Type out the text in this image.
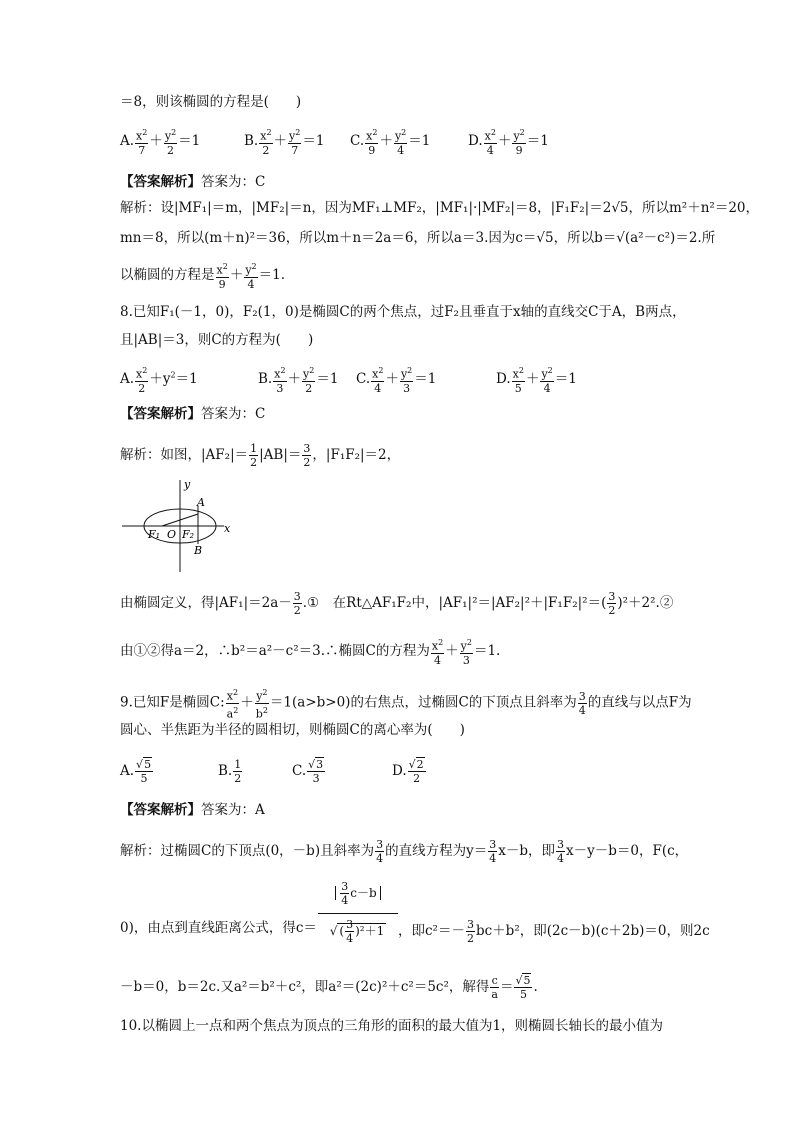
＝8，则该椭圆的方程是(　　)
A. $\frac{x^2}{7} + \frac{y^2}{2} =1$	B. $\frac{x^2}{2} + \frac{y^2}{7} =1$ C. $\frac{x^2}{9} + \frac{y^2}{4} =1$	D. $\frac{x^2}{4} + \frac{y^2}{9} =1$
【答案解析】答案为：C
解析：设|MF₁|＝m，|MF₂|＝n，因为MF₁⊥MF₂，|MF₁|·|MF₂|＝8，|F₁F₂|＝2√5，所以m²＋n²＝20，
mn＝8，所以(m＋n)²＝36，所以m＋n＝2a＝6，所以a＝3.因为c＝√5，所以b＝√(a²－c²)＝2.所
以椭圆的方程是 $\frac{x^2}{9} + \frac{y^2}{4} =1$.
8.已知F₁(－1，0)，F₂(1，0)是椭圆C的两个焦点，过F₂且垂直于x轴的直线交C于A，B两点，
且|AB|＝3，则C的方程为(　　)
A. $\frac{x^2}{2} +y^2=1$	B. $\frac{x^2}{3} + \frac{y^2}{2} =1$ C. $\frac{x^2}{4} + \frac{y^2}{3} =1$	D. $\frac{x^2}{5} + \frac{y^2}{4} =1$
【答案解析】答案为：C
解析：如图，$|AF_2|= \frac{1}{2} |AB|= \frac{3}{2}$ ，|F₁F₂|＝2，
y
A
F₁ O F₂	x
B
由椭圆定义，得$|AF_1|=2a- \frac{3}{2}$ .①　在Rt△AF₁F₂中，$|AF_1|^2=|AF_2|^2+|F_1F_2|^2=( \frac{3}{2}$ )²＋2².②
由①②得a＝2，∴b²＝a²－c²＝3.∴椭圆C的方程为 $\frac{x^2}{4} + \frac{y^2}{3} =1$.
9.已知F是椭圆C: $\frac{x^2}{a^2} + \frac{y^2}{b^2} =1(a>b>0)$的右焦点，过椭圆C的下顶点且斜率为 $\frac{3}{4}$ 的直线与以点F为
圆心、半焦距为半径的圆相切，则椭圆C的离心率为(　　)
A. $\frac{√5}{5}$	B. $\frac{1}{2}$	C. $\frac{√3}{3}$	D. $\frac{√2}{2}$
【答案解析】答案为：A
解析：过椭圆C的下顶点(0，－b)且斜率为 $\frac{3}{4}$ 的直线方程为$y= \frac{3}{4} x-b$，即 $\frac{3}{4} x-y-b=0$，F(c，
0)，由点到直线距离公式，得c＝
$\frac{3}{4} c-b$
√ ( $\frac{3}{4} )^2+1$	，即$c^2=- \frac{3}{2} bc+b^2$，即(2c－b)(c＋2b)＝0，则2c
－b＝0，b＝2c.又a²＝b²＋c²，即a²＝(2c)²＋c²＝5c²，解得 $\frac{c}{a} = \frac{√5}{5}$ .
10.以椭圆上一点和两个焦点为顶点的三角形的面积的最大值为1，则椭圆长轴长的最小值为
